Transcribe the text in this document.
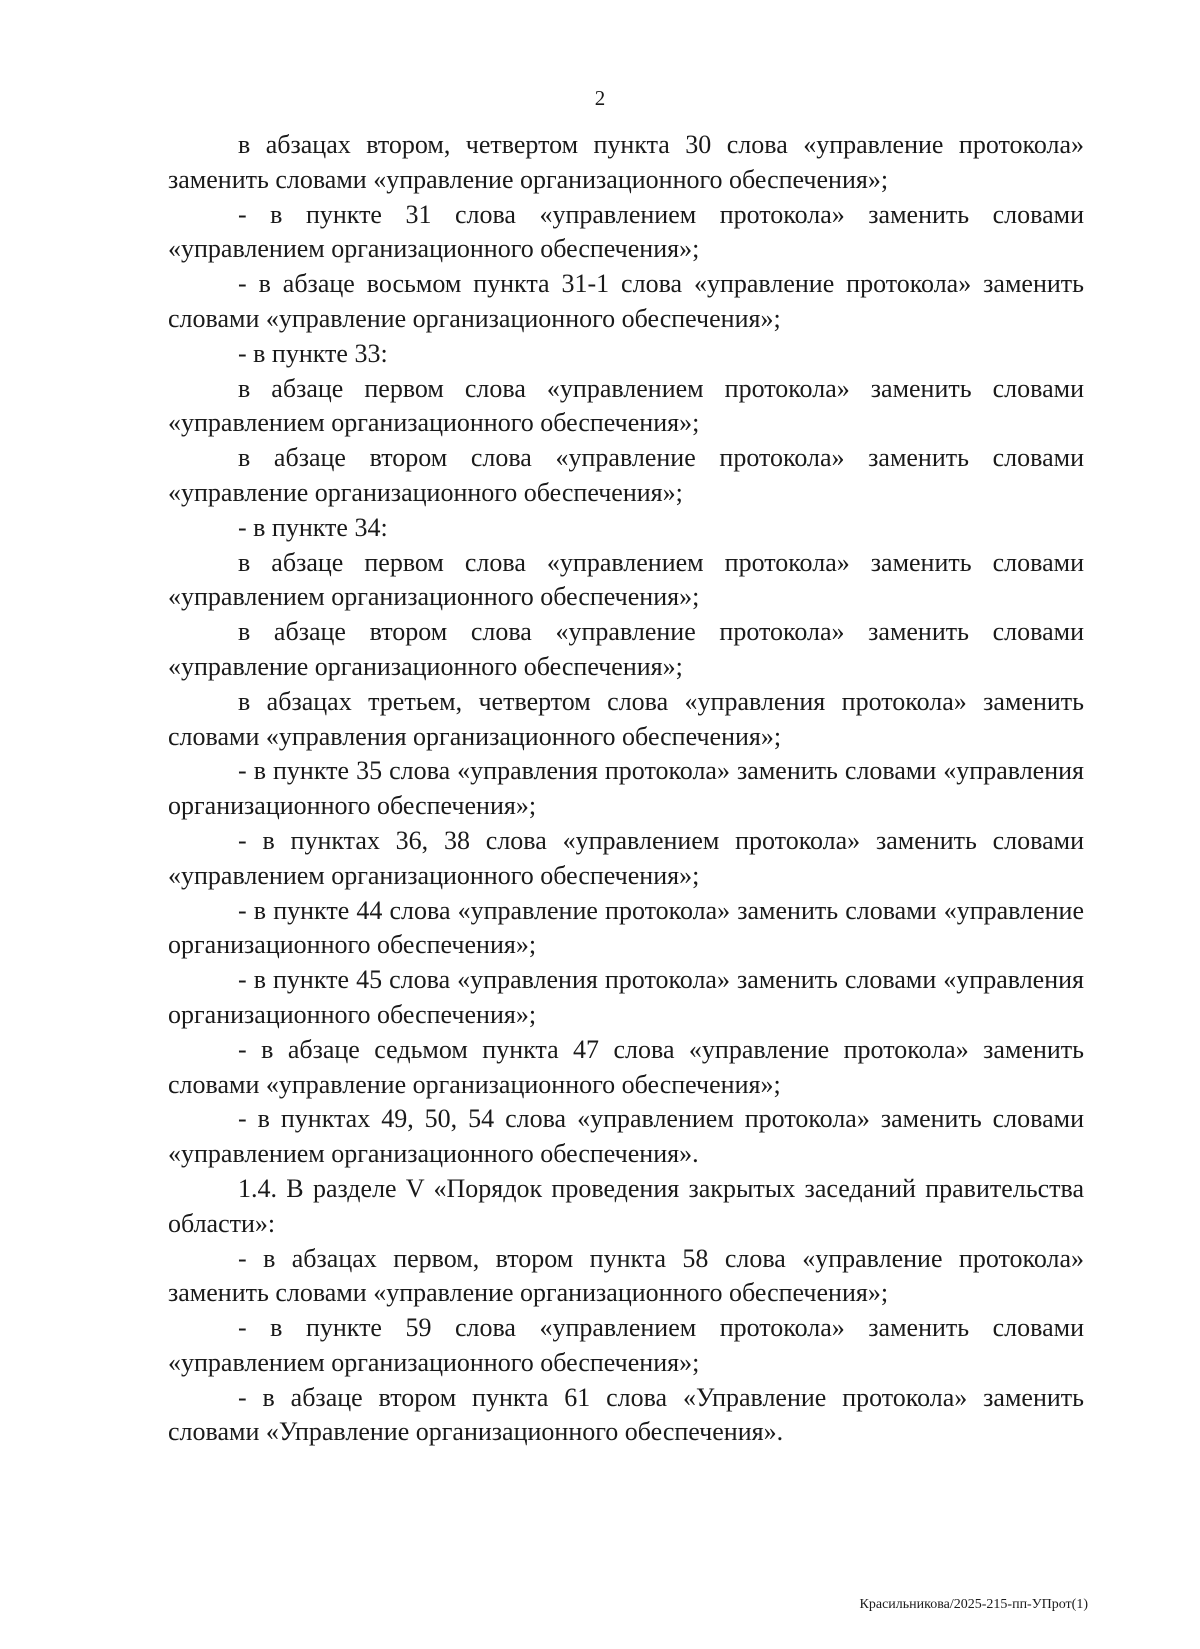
2

в абзацах втором, четвертом пункта 30 слова «управление протокола» заменить словами «управление организационного обеспечения»;

- в пункте 31 слова «управлением протокола» заменить словами «управлением организационного обеспечения»;

- в абзаце восьмом пункта 31-1 слова «управление протокола» заменить словами «управление организационного обеспечения»;

- в пункте 33:

в абзаце первом слова «управлением протокола» заменить словами «управлением организационного обеспечения»;

в абзаце втором слова «управление протокола» заменить словами «управление организационного обеспечения»;

- в пункте 34:

в абзаце первом слова «управлением протокола» заменить словами «управлением организационного обеспечения»;

в абзаце втором слова «управление протокола» заменить словами «управление организационного обеспечения»;

в абзацах третьем, четвертом слова «управления протокола» заменить словами «управления организационного обеспечения»;

- в пункте 35 слова «управления протокола» заменить словами «управления организационного обеспечения»;

- в пунктах 36, 38 слова «управлением протокола» заменить словами «управлением организационного обеспечения»;

- в пункте 44 слова «управление протокола» заменить словами «управление организационного обеспечения»;

- в пункте 45 слова «управления протокола» заменить словами «управления организационного обеспечения»;

- в абзаце седьмом пункта 47 слова «управление протокола» заменить словами «управление организационного обеспечения»;

- в пунктах 49, 50, 54 слова «управлением протокола» заменить словами «управлением организационного обеспечения».

1.4. В разделе V «Порядок проведения закрытых заседаний правительства области»:

- в абзацах первом, втором пункта 58 слова «управление протокола» заменить словами «управление организационного обеспечения»;

- в пункте 59 слова «управлением протокола» заменить словами «управлением организационного обеспечения»;

- в абзаце втором пункта 61 слова «Управление протокола» заменить словами «Управление организационного обеспечения».

Красильникова/2025-215-пп-УПрот(1)
